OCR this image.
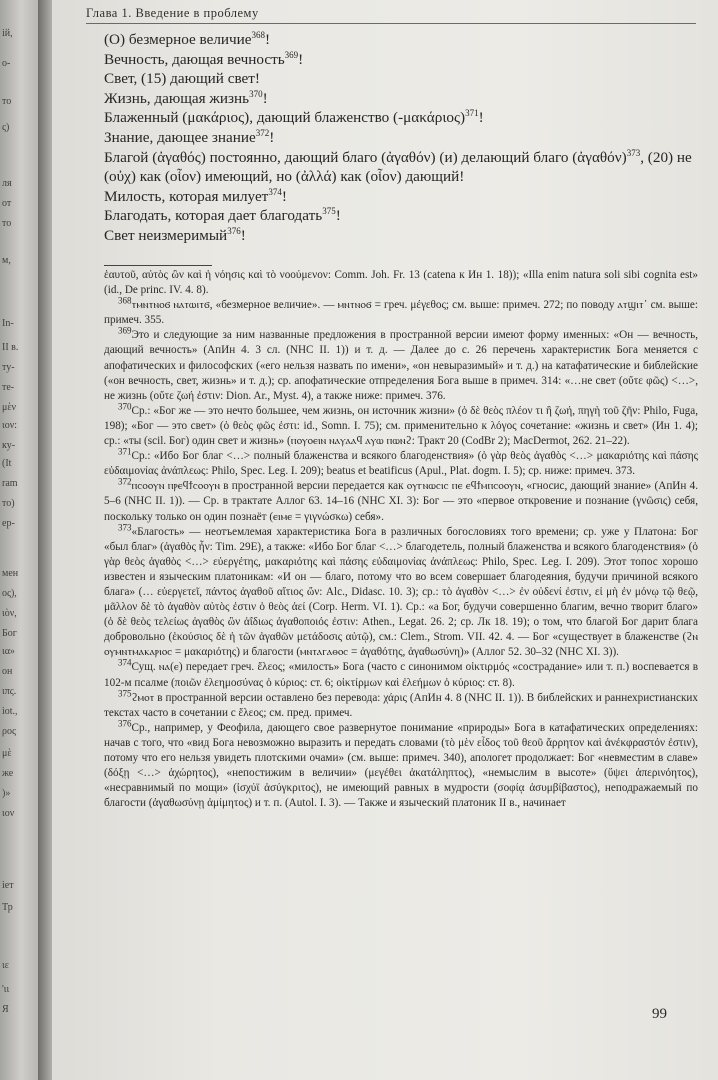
ій,
о-
то
ς)
ля
от
то
м,
In-
II в.
ту-
те-
μὲν
ιον:
ку-
(It
ram
то)
ер-
мен
ος),
ιὸν,
Бог
ια»
он
ιπς.
iot.,
ρος
μὲ
же
)»
ιον
ieт
Тр
ιε
'ιι
Я
Глава 1. Введение в проблему
(О) безмерное величие$^{368}$!
Вечность, дающая вечность$^{369}$!
Свет, (15) дающий свет!
Жизнь, дающая жизнь$^{370}$!
Блаженный (μακάριος), дающий блаженство $(-\mu\alpha\kappa ά\rho\iota o\varsigma)^{371}$!
Знание, дающее знание$^{372}$!
Благой (ἀγαθός) постоянно, дающий благо (ἀγαθόν) (и) делающий благо (ἀγαθόν)$^{373}$, (20) не (οὐχ) как (οἷον) имеющий, но (ἀλλά) как (οἷον) дающий!
Милость, которая милует$^{374}$!
Благодать, которая дает благодать$^{375}$!
Свет неизмеримый$^{376}$!

ἑαυτοῦ, αὐτὸς ὢν καὶ ἡ νόησις καὶ τὸ νοούμενον: Comm. Joh. Fr. 13 (catena к Ин 1. 18)); «Illa enim natura soli sibi cognita est» (id., De princ. IV. 4. 8).

$^{368}$ⲧⲙⲛⲧⲛⲟϭ ⲛⲁⲧⲱⲓⲧϭ, «безмерное величие». — ⲙⲛⲧⲛⲟϭ = греч. μέγεθος; см. выше: примеч. 272; по поводу ⲁⲧϣⲓⲧ᾽ см. выше: примеч. 355.

$^{369}$Это и следующие за ним названные предложения в пространной версии имеют форму именных: «Он — вечность, дающий вечность» (АпИн 4. 3 сл. (NHC II. 1)) и т. д. — Далее до с. 26 перечень характеристик Бога меняется с апофатических и философских («его нельзя назвать по имени», «он невыразимый» и т. д.) на катафатические и библейские («он вечность, свет, жизнь» и т. д.); ср. апофатические отпределения Бога выше в примеч. 314: «…не свет (οὔτε φῶς) <…>, не жизнь (οὔτε ζωή ἐστιν: Dion. Ar., Myst. 4), а также ниже: примеч. 376.

$^{370}$Ср.: «Бог же — это нечто большее, чем жизнь, он источник жизни» (ὁ δὲ θεὸς πλέον τι ἢ ζωή, πηγὴ τοῦ ζῆν: Philo, Fuga, 198); «Бог — это свет» (ὁ θεὸς φῶς ἐστι: id., Somn. I. 75); см. применительно к λόγος сочетание: «жизнь и свет» (Ин 1. 4); ср.: «ты (scil. Бог) один свет и жизнь» (ⲡⲟⲩⲟⲉⲓⲛ ⲛⲁⲩⲁⲁϥ ⲁⲩⲱ ⲡⲱⲛϩ: Тракт 20 (CodBr 2); MacDermot, 262. 21–22).

$^{371}$Ср.: «Ибо Бог благ <…> полный блаженства и всякого благоденствия» (ὁ γὰρ θεὸς ἀγαθὸς <…> μακαριότης καὶ πάσης εὐδαιμονίας ἀνάπλεως: Philo, Spec. Leg. I. 209); beatus et beatificus (Apul., Plat. dogm. I. 5); ср. ниже: примеч. 373.

$^{372}$ⲡⲥⲟⲟⲩⲛ ⲡⲣⲉϥϯⲥⲟⲟⲩⲛ в пространной версии передается как ⲟⲩⲅⲛⲱⲥⲓⲥ ⲡⲉ ⲉϥϯⲙⲡⲥⲟⲟⲩⲛ, «гносис, дающий знание» (АпИн 4. 5–6 (NHC II. 1)). — Ср. в трактате Аллог 63. 14–16 (NHC XI. 3): Бог — это «первое откровение и познание (γνῶσις) себя, поскольку только он один познаёт (ⲉⲓⲙⲉ = γιγνώσκω) себя».

$^{373}$«Благость» — неотъемлемая характеристика Бога в различных богословиях того времени; ср. уже у Платона: Бог «был благ» (ἀγαθὸς ἦν: Tim. 29E), а также: «Ибо Бог благ <…> благодетель, полный блаженства и всякого благоденствия» (ὁ γὰρ θεὸς ἀγαθὸς <…> εὐεργέτης, μακαριότης καὶ πάσης εὐδαιμονίας ἀνάπλεως: Philo, Spec. Leg. I. 209). Этот топос хорошо известен и языческим платоникам: «И он — благо, потому что во всем совершает благодеяния, будучи причиной всякого блага» (… εὐεργετεῖ, πάντος ἀγαθοῦ αἴτιος ὤν: Alc., Didasc. 10. 3); ср.: τὸ ἀγαθὸν <…> ἐν οὐδενί ἐστιν, εἰ μὴ ἐν μόνῳ τῷ θεῷ, μᾶλλον δὲ τὸ ἀγαθὸν αὐτὸς ἐστιν ὁ θεὸς ἀεί (Corp. Herm. VI. 1). Ср.: «а Бог, будучи совершенно благим, вечно творит благо» (ὁ δὲ θεὸς τελείως ἀγαθὸς ὢν ἀΐδιως ἀγαθοποιός ἐστιν: Athen., Legat. 26. 2; ср. Лк 18. 19); о том, что благой Бог дарит блага добровольно (ἑκούσιος δὲ ἡ τῶν ἀγαθῶν μετάδοσις αὐτῷ), см.: Clem., Strom. VII. 42. 4. — Бог «существует в блаженстве (ϩⲛ ⲟⲩⲙⲛⲧⲙⲁⲕⲁⲣⲓⲟⲥ = μακαριότης) и благости (ⲙⲛⲧⲁⲅⲁⲑⲟⲥ = ἀγαθότης, ἀγαθωσύνη)» (Аллог 52. 30–32 (NHC XI. 3)).

$^{374}$Сущ. ⲛⲁ(ⲉ) передает греч. ἔλεος; «милость» Бога (часто с синонимом οἰκτιρμός «сострадание» или т. п.) воспевается в 102-м псалме (ποιῶν ἐλεημοσύνας ὁ κύριος: ст. 6; οἰκτίρμων καὶ ἐλεήμων ὁ κύριος: ст. 8).

$^{375}$ϩⲙⲟⲧ в пространной версии оставлено без перевода: χάρις (АпИн 4. 8 (NHC II. 1)). В библейских и раннехристианских текстах часто в сочетании с ἔλεος; см. пред. примеч.

$^{376}$Ср., например, у Феофила, дающего свое развернутое понимание «природы» Бога в катафатических определениях: начав с того, что «вид Бога невозможно выразить и передать словами (τὸ μὲν εἶδος τοῦ θεοῦ ἄρρητον καὶ ἀνέκφραστόν ἐστιν), потому что его нельзя увидеть плотскими очами» (см. выше: примеч. 340), апологет продолжает: Бог «невместим в славе» (δόξῃ <…> ἀχώρητος), «непостижим в величии» (μεγέθει ἀκατάληπτος), «немыслим в высоте» (ὕψει ἀπερινόητος), «несравнимый по мощи» (ἰσχύϊ ἀσύγκριτος), не имеющий равных в мудрости (σοφίᾳ ἀσυμβίβαστος), неподражаемый по благости (ἀγαθωσύνῃ ἀμίμητος) и т. п. (Autol. I. 3). — Также и языческий платоник II в., начинает

99
